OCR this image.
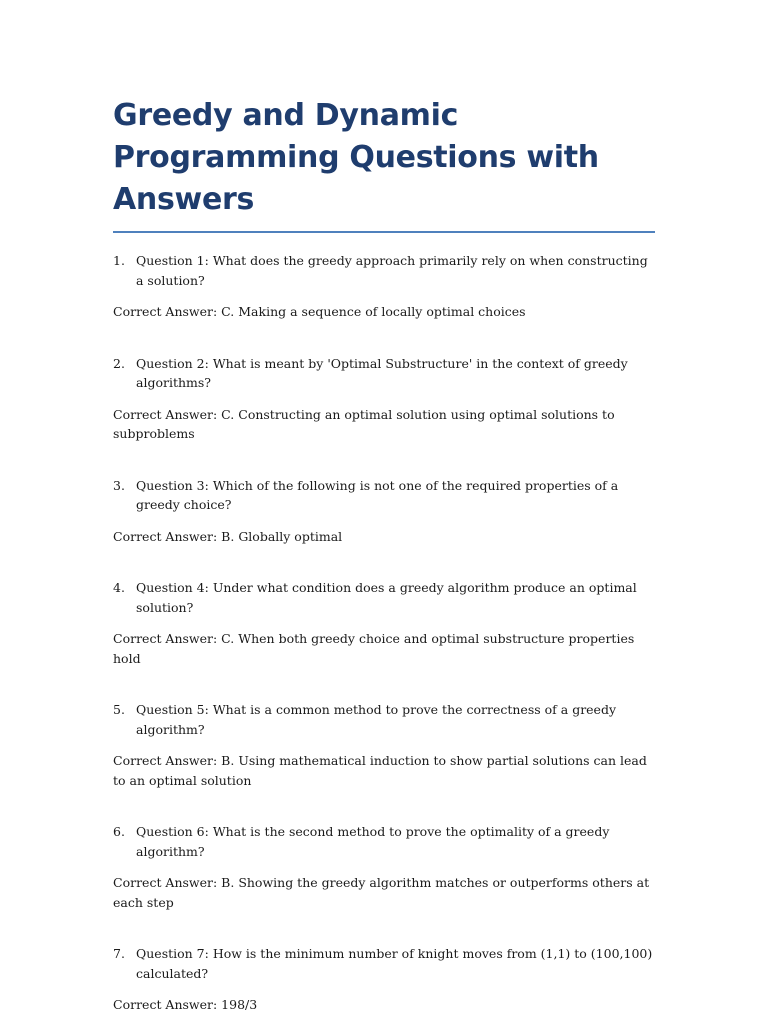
Greedy and Dynamic Programming Questions with Answers

1. Question 1: What does the greedy approach primarily rely on when constructing a solution?

Correct Answer: C. Making a sequence of locally optimal choices

2. Question 2: What is meant by 'Optimal Substructure' in the context of greedy algorithms?

Correct Answer: C. Constructing an optimal solution using optimal solutions to subproblems

3. Question 3: Which of the following is not one of the required properties of a greedy choice?

Correct Answer: B. Globally optimal

4. Question 4: Under what condition does a greedy algorithm produce an optimal solution?

Correct Answer: C. When both greedy choice and optimal substructure properties hold

5. Question 5: What is a common method to prove the correctness of a greedy algorithm?

Correct Answer: B. Using mathematical induction to show partial solutions can lead to an optimal solution

6. Question 6: What is the second method to prove the optimality of a greedy algorithm?

Correct Answer: B. Showing the greedy algorithm matches or outperforms others at each step

7. Question 7: How is the minimum number of knight moves from (1,1) to (100,100) calculated?

Correct Answer: 198/3
